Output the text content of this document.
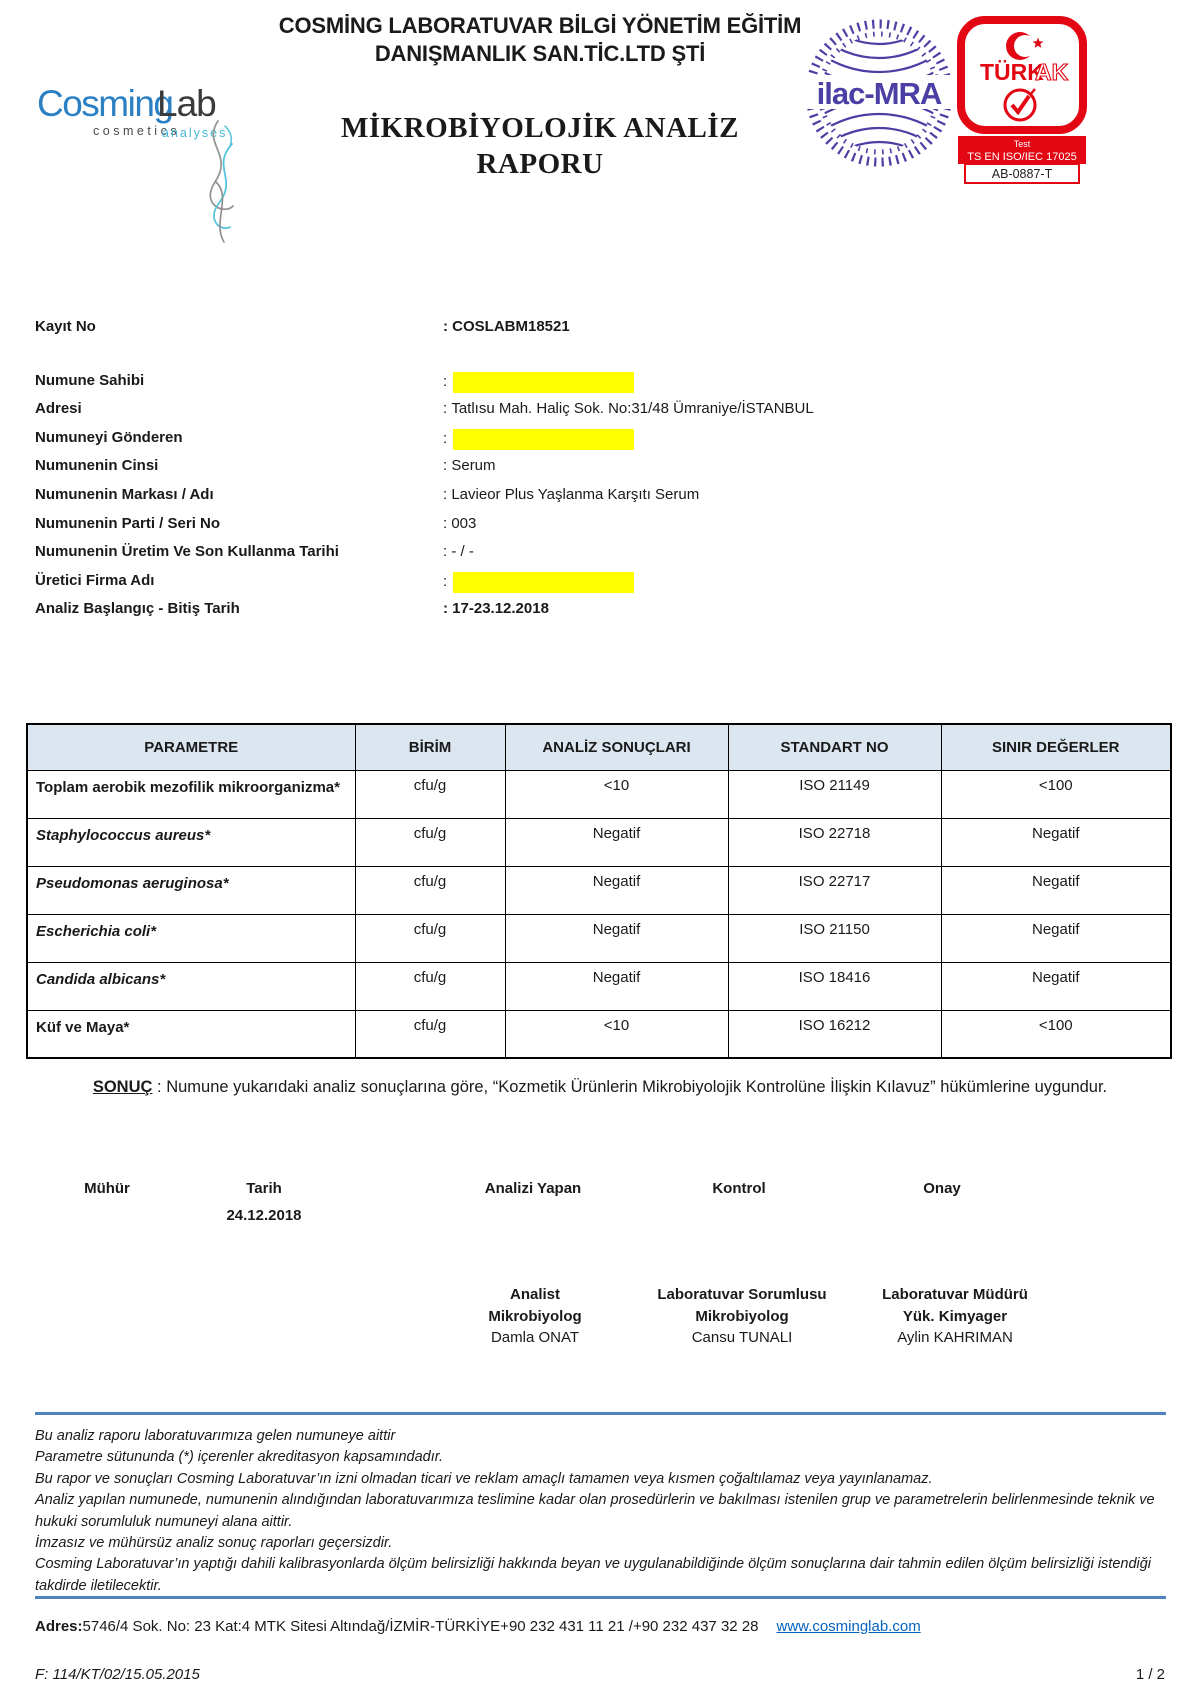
COSMİNG LABORATUVAR BİLGİ YÖNETİM EĞİTİM
DANIŞMANLIK SAN.TİC.LTD ŞTİ
Cosming
Lab
cosmetics
analyses	MİKROBİYOLOJİK ANALİZ
RAPORU
ilac-MRA
TÜRK
AK
Test
TS EN ISO/IEC 17025
AB-0887-T
Kayıt No	: COSLABM18521
Numune Sahibi	:
Adresi	: Tatlısu Mah. Haliç Sok. No:31/48 Ümraniye/İSTANBUL
Numuneyi Gönderen	:
Numunenin Cinsi	: Serum
Numunenin Markası / Adı	: Lavieor Plus Yaşlanma Karşıtı Serum
Numunenin Parti / Seri No	: 003
Numunenin Üretim Ve Son Kullanma Tarihi	: - / -
Üretici Firma Adı	:
Analiz Başlangıç - Bitiş Tarih	: 17-23.12.2018
PARAMETRE	BİRİM	ANALİZ SONUÇLARI	STANDART NO	SINIR DEĞERLER
Toplam aerobik mezofilik mikroorganizma*	cfu/g	<10	ISO 21149	<100
Staphylococcus aureus*	cfu/g	Negatif	ISO 22718	Negatif
Pseudomonas aeruginosa*	cfu/g	Negatif	ISO 22717	Negatif
Escherichia coli*	cfu/g	Negatif	ISO 21150	Negatif
Candida albicans*	cfu/g	Negatif	ISO 18416	Negatif
Küf ve Maya*	cfu/g	<10	ISO 16212	<100
SONUÇ : Numune yukarıdaki analiz sonuçlarına göre, “Kozmetik Ürünlerin Mikrobiyolojik Kontrolüne İlişkin Kılavuz” hükümlerine uygundur.
Mühür	Tarih	Analizi Yapan	Kontrol	Onay
24.12.2018
Analist
Mikrobiyolog
Damla ONAT
Laboratuvar Sorumlusu
Mikrobiyolog
Cansu TUNALI
Laboratuvar Müdürü
Yük. Kimyager
Aylin KAHRIMAN
Bu analiz raporu laboratuvarımıza gelen numuneye aittir
Parametre sütununda (*) içerenler akreditasyon kapsamındadır.
Bu rapor ve sonuçları Cosming Laboratuvar’ın izni olmadan ticari ve reklam amaçlı tamamen veya kısmen çoğaltılamaz veya yayınlanamaz.
Analiz yapılan numunede, numunenin alındığından laboratuvarımıza teslimine kadar olan prosedürlerin ve bakılması istenilen grup ve parametrelerin belirlenmesinde teknik ve hukuki sorumluluk numuneyi alana aittir.
İmzasız ve mühürsüz analiz sonuç raporları geçersizdir.
Cosming Laboratuvar’ın yaptığı dahili kalibrasyonlarda ölçüm belirsizliği hakkında beyan ve uygulanabildiğinde ölçüm sonuçlarına dair tahmin edilen ölçüm belirsizliği istendiği takdirde iletilecektir.
Adres:5746/4 Sok. No: 23 Kat:4 MTK Sitesi Altındağ/İZMİR-TÜRKİYE+90 232 431 11 21 /+90 232 437 32 28 www.cosminglab.com
F: 114/KT/02/15.05.2015	1 / 2
